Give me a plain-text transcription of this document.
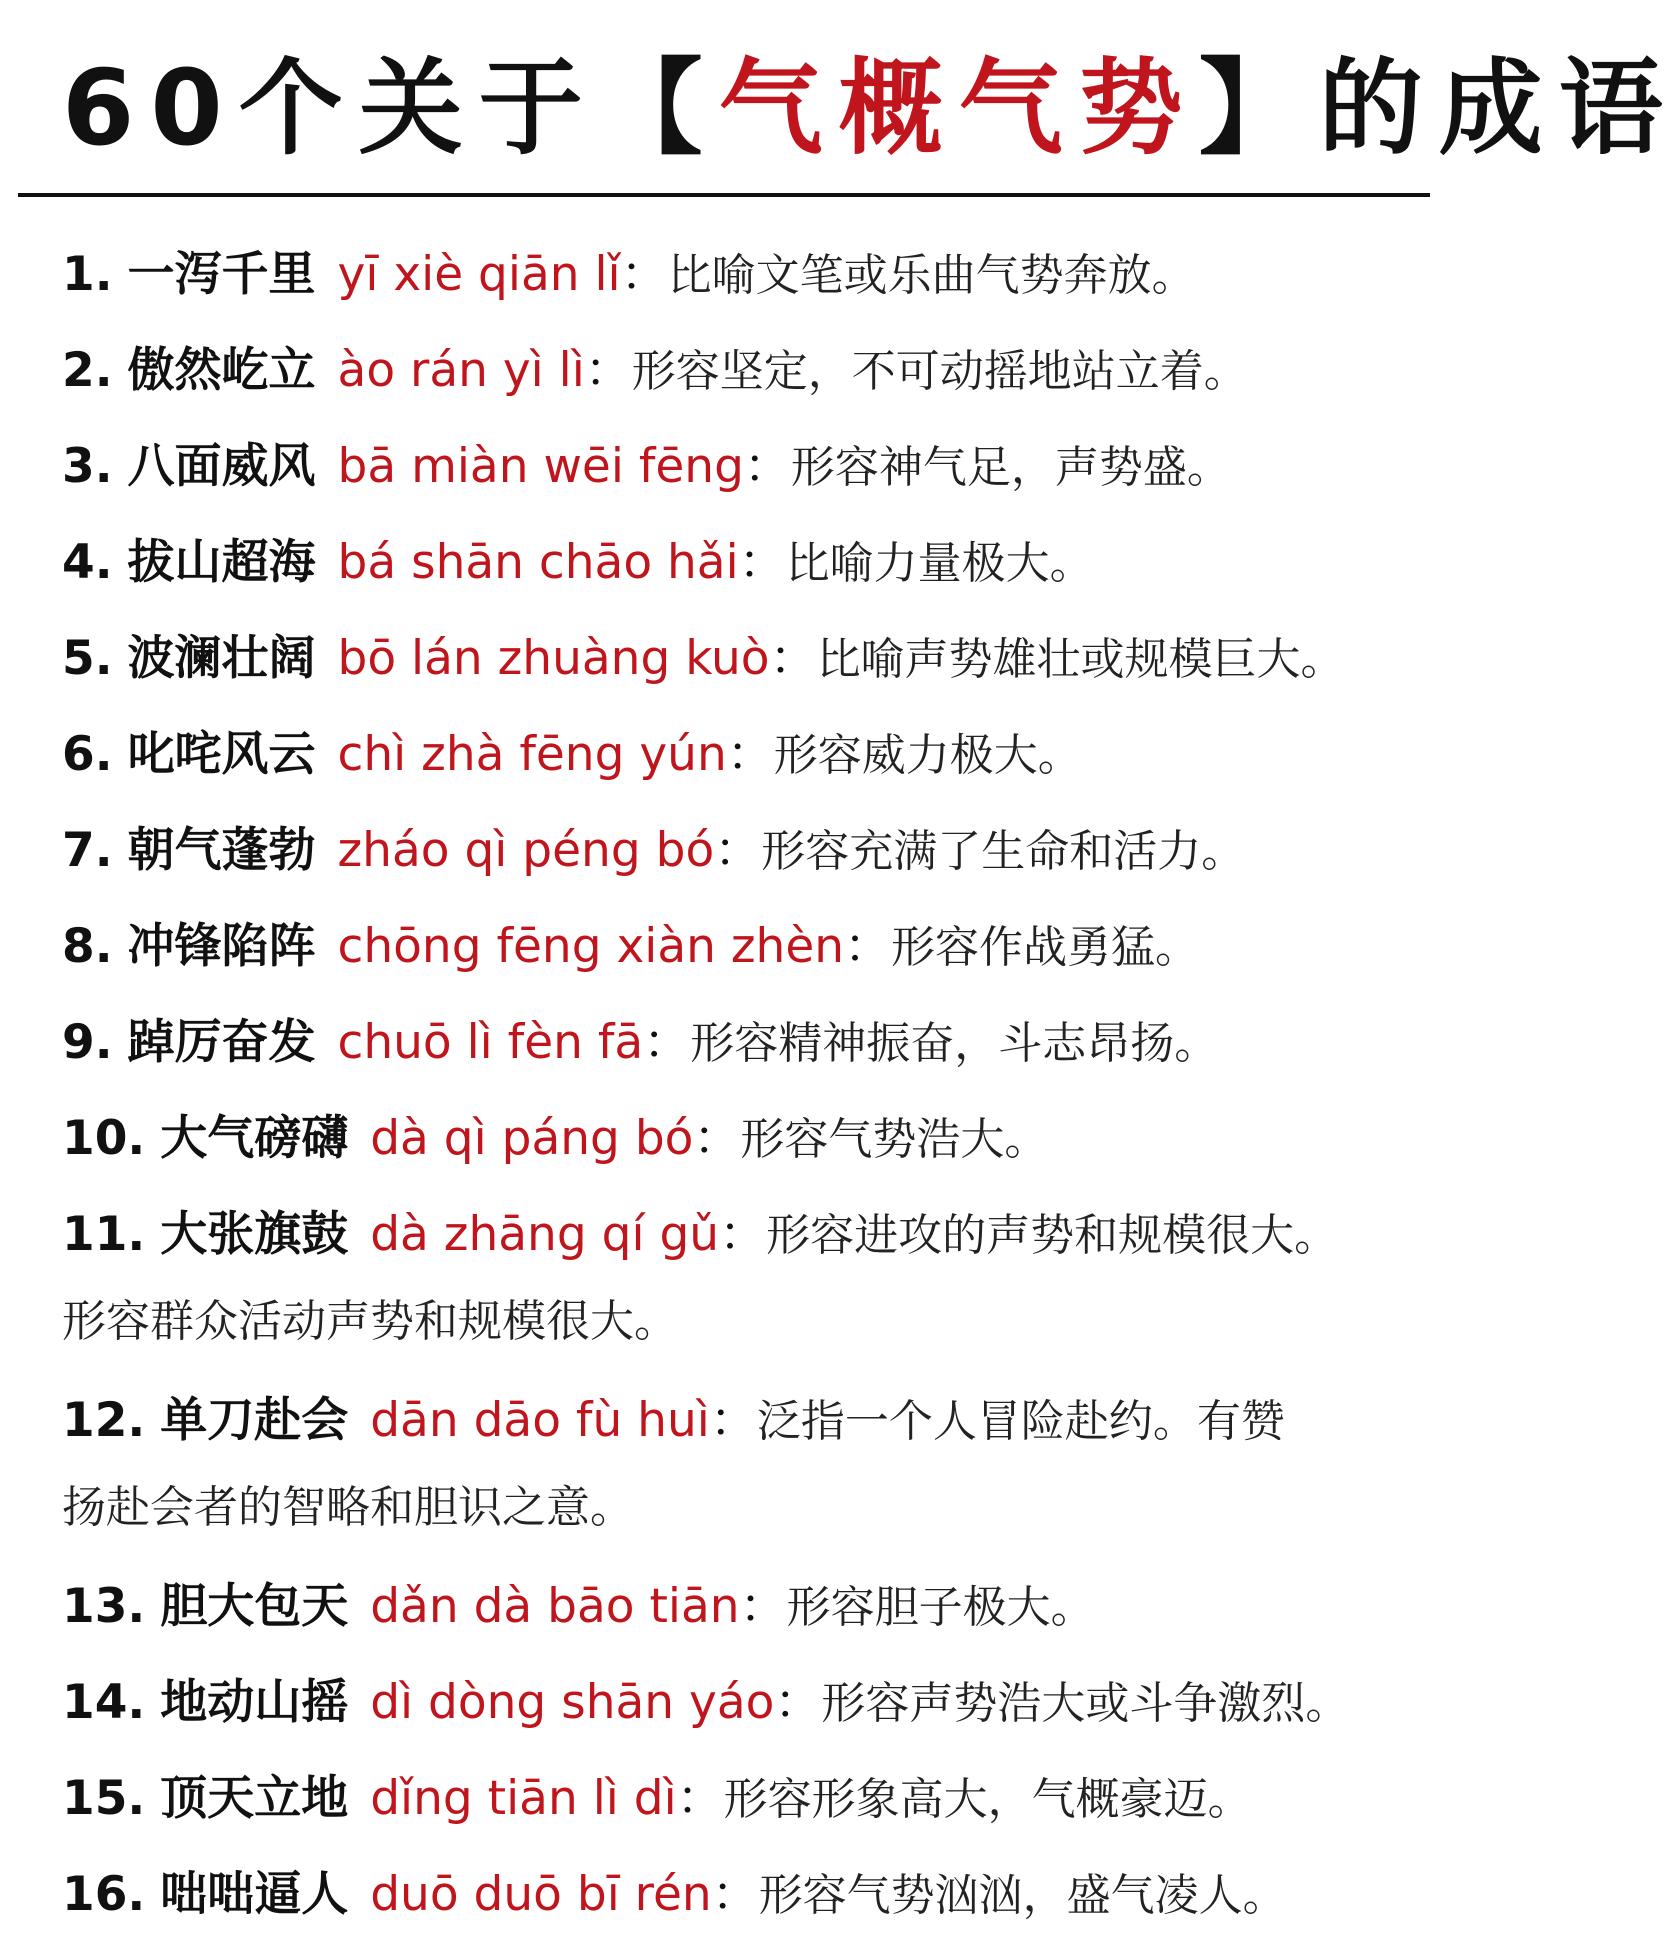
60个关于【气概气势】的成语
1. 一泻千里 yī xiè qiān lǐ：比喻文笔或乐曲气势奔放。
2. 傲然屹立 ào rán yì lì：形容坚定，不可动摇地站立着。
3. 八面威风 bā miàn wēi fēng：形容神气足，声势盛。
4. 拔山超海 bá shān chāo hǎi：比喻力量极大。
5. 波澜壮阔 bō lán zhuàng kuò：比喻声势雄壮或规模巨大。
6. 叱咤风云 chì zhà fēng yún：形容威力极大。
7. 朝气蓬勃 zháo qì péng bó：形容充满了生命和活力。
8. 冲锋陷阵 chōng fēng xiàn zhèn：形容作战勇猛。
9. 踔厉奋发 chuō lì fèn fā：形容精神振奋，斗志昂扬。
10. 大气磅礴 dà qì páng bó：形容气势浩大。
11. 大张旗鼓 dà zhāng qí gǔ：形容进攻的声势和规模很大。
形容群众活动声势和规模很大。
12. 单刀赴会 dān dāo fù huì：泛指一个人冒险赴约。有赞
扬赴会者的智略和胆识之意。
13. 胆大包天 dǎn dà bāo tiān：形容胆子极大。
14. 地动山摇 dì dòng shān yáo：形容声势浩大或斗争激烈。
15. 顶天立地 dǐng tiān lì dì：形容形象高大，气概豪迈。
16. 咄咄逼人 duō duō bī rén：形容气势汹汹，盛气凌人。
